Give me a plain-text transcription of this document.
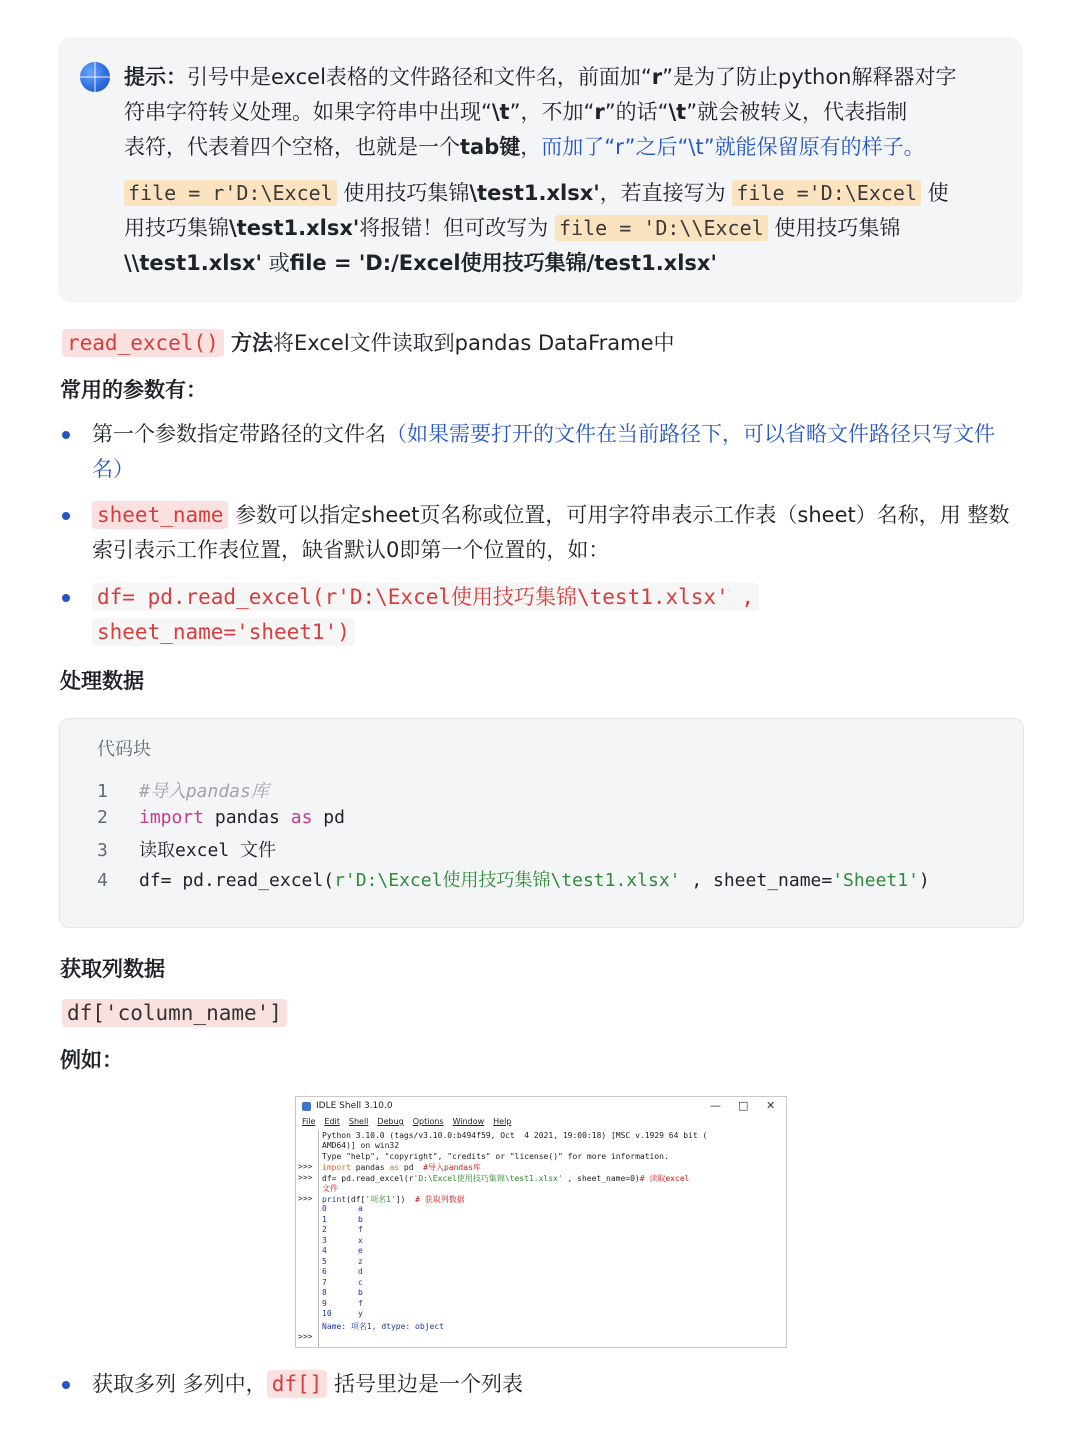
提示：引号中是excel表格的文件路径和文件名，前面加“r”是为了防止python解释器对字
符串字符转义处理。如果字符串中出现“\t”，不加“r”的话“\t”就会被转义，代表指制
表符，代表着四个空格，也就是一个tab键，而加了“r”之后“\t”就能保留原有的样子。
file = r'D:\Excel 使用技巧集锦\test1.xlsx'，若直接写为 file ='D:\Excel 使
用技巧集锦\test1.xlsx'将报错！但可改写为 file = 'D:\\Excel 使用技巧集锦
\\test1.xlsx' 或file = 'D:/Excel使用技巧集锦/test1.xlsx'
read_excel() 方法将Excel文件读取到pandas DataFrame中
常用的参数有：
第一个参数指定带路径的文件名（如果需要打开的文件在当前路径下，可以省略文件路径只写文件
名）
sheet_name 参数可以指定sheet页名称或位置，可用字符串表示工作表（sheet）名称，用 整数
索引表示工作表位置，缺省默认0即第一个位置的，如：
df= pd.read_excel(r'D:\Excel使用技巧集锦\test1.xlsx' ,
sheet_name='sheet1')
处理数据
代码块
1 #导入pandas库
2 import pandas as pd
3 读取excel 文件
4 df= pd.read_excel(r'D:\Excel使用技巧集锦\test1.xlsx' , sheet_name='Sheet1')
获取列数据
df['column_name']
例如：
IDLE Shell 3.10.0	— □ ✕
File Edit Shell Debug Options Window Help
Python 3.10.0 (tags/v3.10.0:b494f59, Oct  4 2021, 19:00:18) [MSC v.1929 64 bit (
AMD64)] on win32
Type "help", "copyright", "credits" or "license()" for more information.
>>> import pandas as pd  #导入pandas库
>>> df= pd.read_excel(r'D:\Excel使用技巧集锦\test1.xlsx' , sheet_name=0)# 读取excel
文件
>>> print(df['项名1'])  # 获取列数据
0	a
1	b
2	f
3	x
4	e
5	z
6	d
7	c
8	b
9	f
10	y
Name: 项名1, dtype: object
>>>
获取多列 多列中， df[] 括号里边是一个列表
